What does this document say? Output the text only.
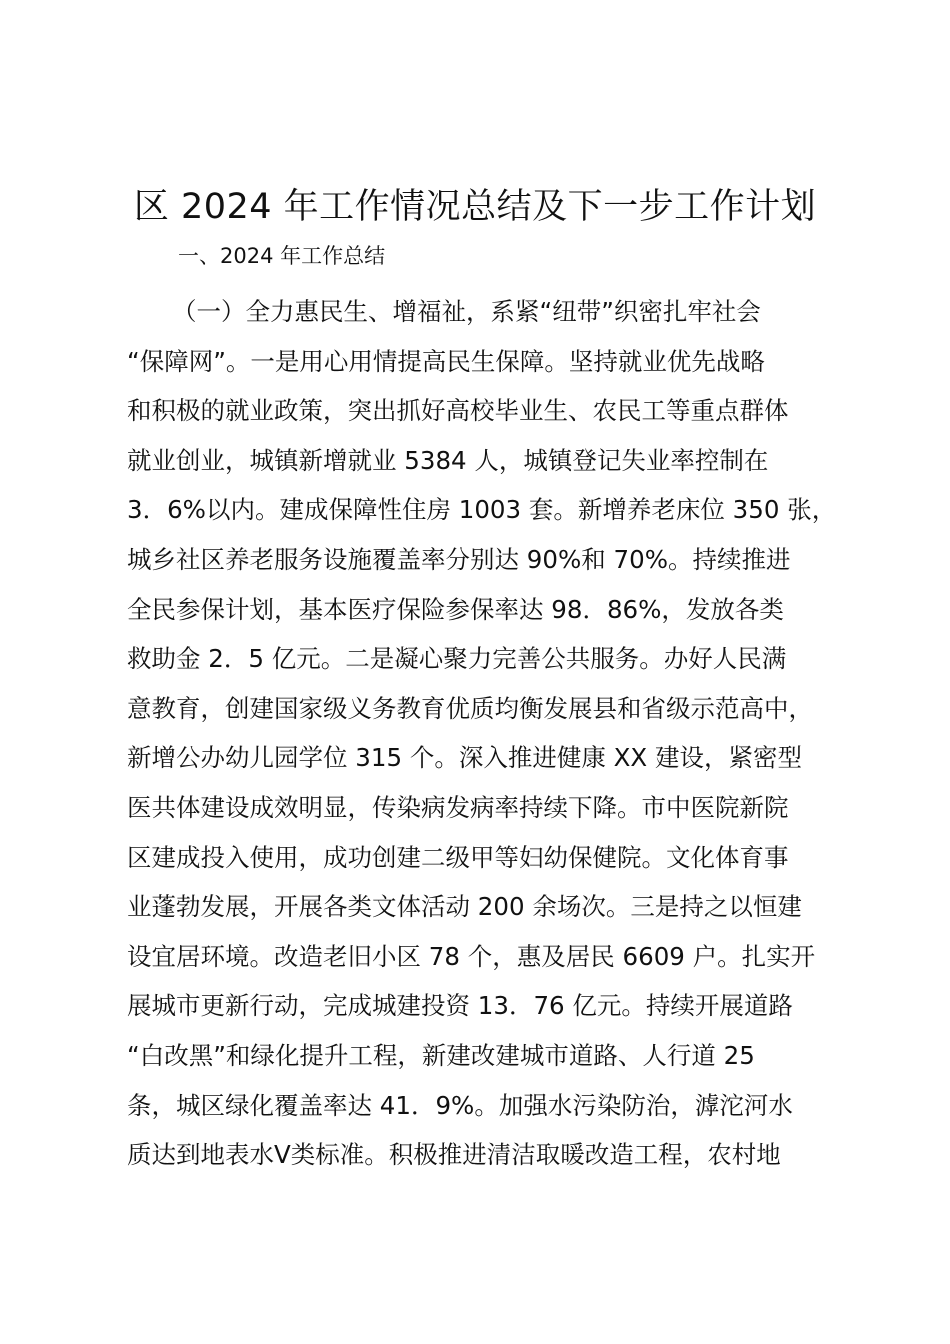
区 2024 年工作情况总结及下一步工作计划
一、2024 年工作总结
（一）全力惠民生、增福祉，系紧“纽带”织密扎牢社会
“保障网”。一是用心用情提高民生保障。坚持就业优先战略
和积极的就业政策，突出抓好高校毕业生、农民工等重点群体
就业创业，城镇新增就业 5384 人，城镇登记失业率控制在
3．6%以内。建成保障性住房 1003 套。新增养老床位 350 张，
城乡社区养老服务设施覆盖率分别达 90%和 70%。持续推进
全民参保计划，基本医疗保险参保率达 98．86%，发放各类
救助金 2．5 亿元。二是凝心聚力完善公共服务。办好人民满
意教育，创建国家级义务教育优质均衡发展县和省级示范高中，
新增公办幼儿园学位 315 个。深入推进健康 XX 建设，紧密型
医共体建设成效明显，传染病发病率持续下降。市中医院新院
区建成投入使用，成功创建二级甲等妇幼保健院。文化体育事
业蓬勃发展，开展各类文体活动 200 余场次。三是持之以恒建
设宜居环境。改造老旧小区 78 个，惠及居民 6609 户。扎实开
展城市更新行动，完成城建投资 13．76 亿元。持续开展道路
“白改黑”和绿化提升工程，新建改建城市道路、人行道 25
条，城区绿化覆盖率达 41．9%。加强水污染防治，滹沱河水
质达到地表水Ⅴ类标准。积极推进清洁取暖改造工程，农村地
